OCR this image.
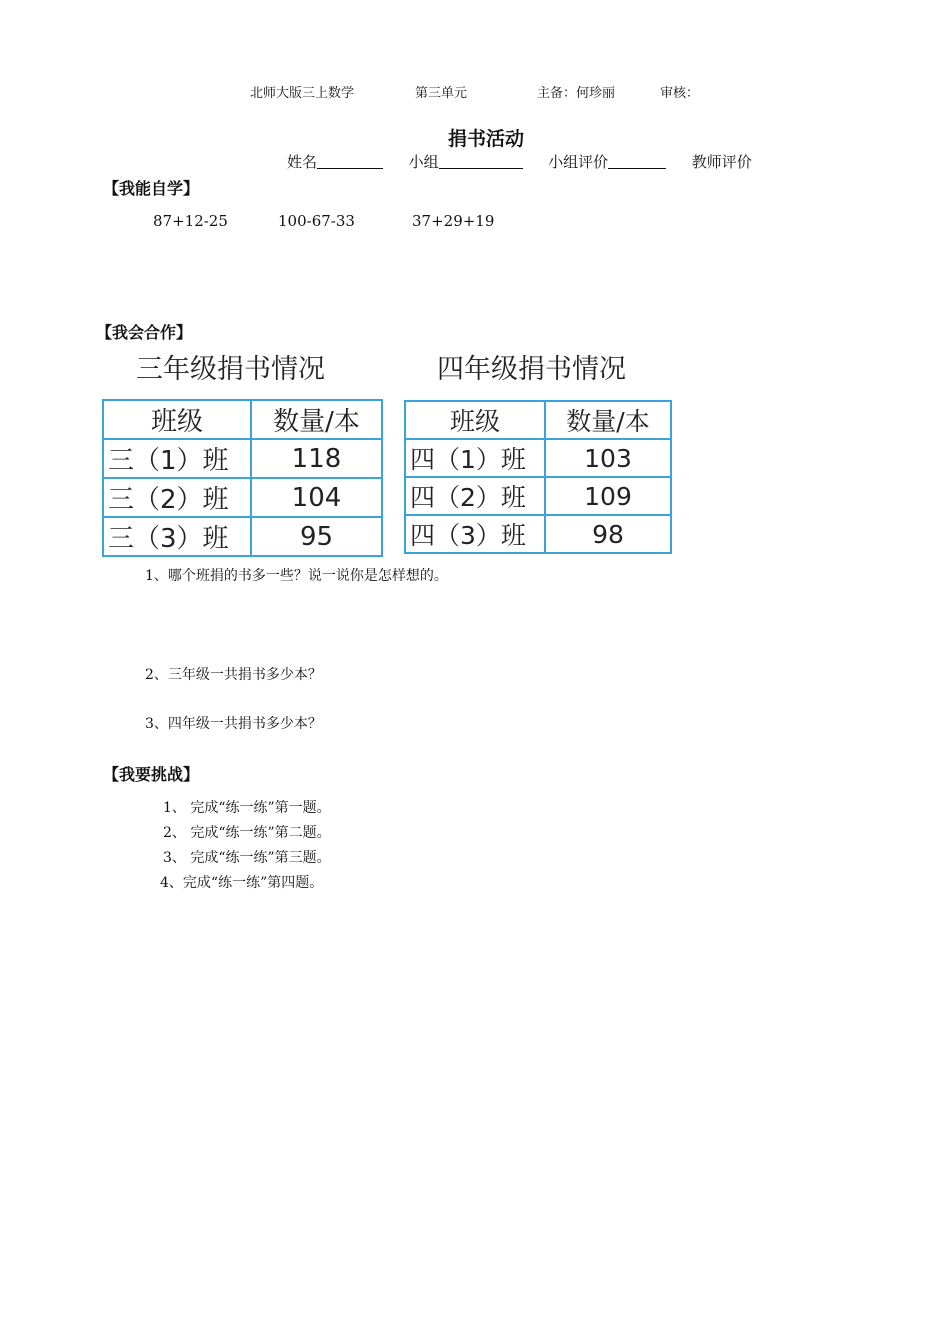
北师大版三上数学	第三单元	主备：何珍丽	审核：
捐书活动
姓名	小组	小组评价	教师评价
【我能自学】
87+12-25	100-67-33	37+29+19
【我会合作】
三年级捐书情况	四年级捐书情况
班级	数量/本
三（1）班	118
三（2）班	104
三（3）班	95
班级	数量/本
四（1）班	103
四（2）班	109
四（3）班	98
1、哪个班捐的书多一些？说一说你是怎样想的。
2、三年级一共捐书多少本？
3、四年级一共捐书多少本？
【我要挑战】
1、 完成“练一练”第一题。
2、 完成“练一练”第二题。
3、 完成“练一练”第三题。
4、完成“练一练”第四题。
